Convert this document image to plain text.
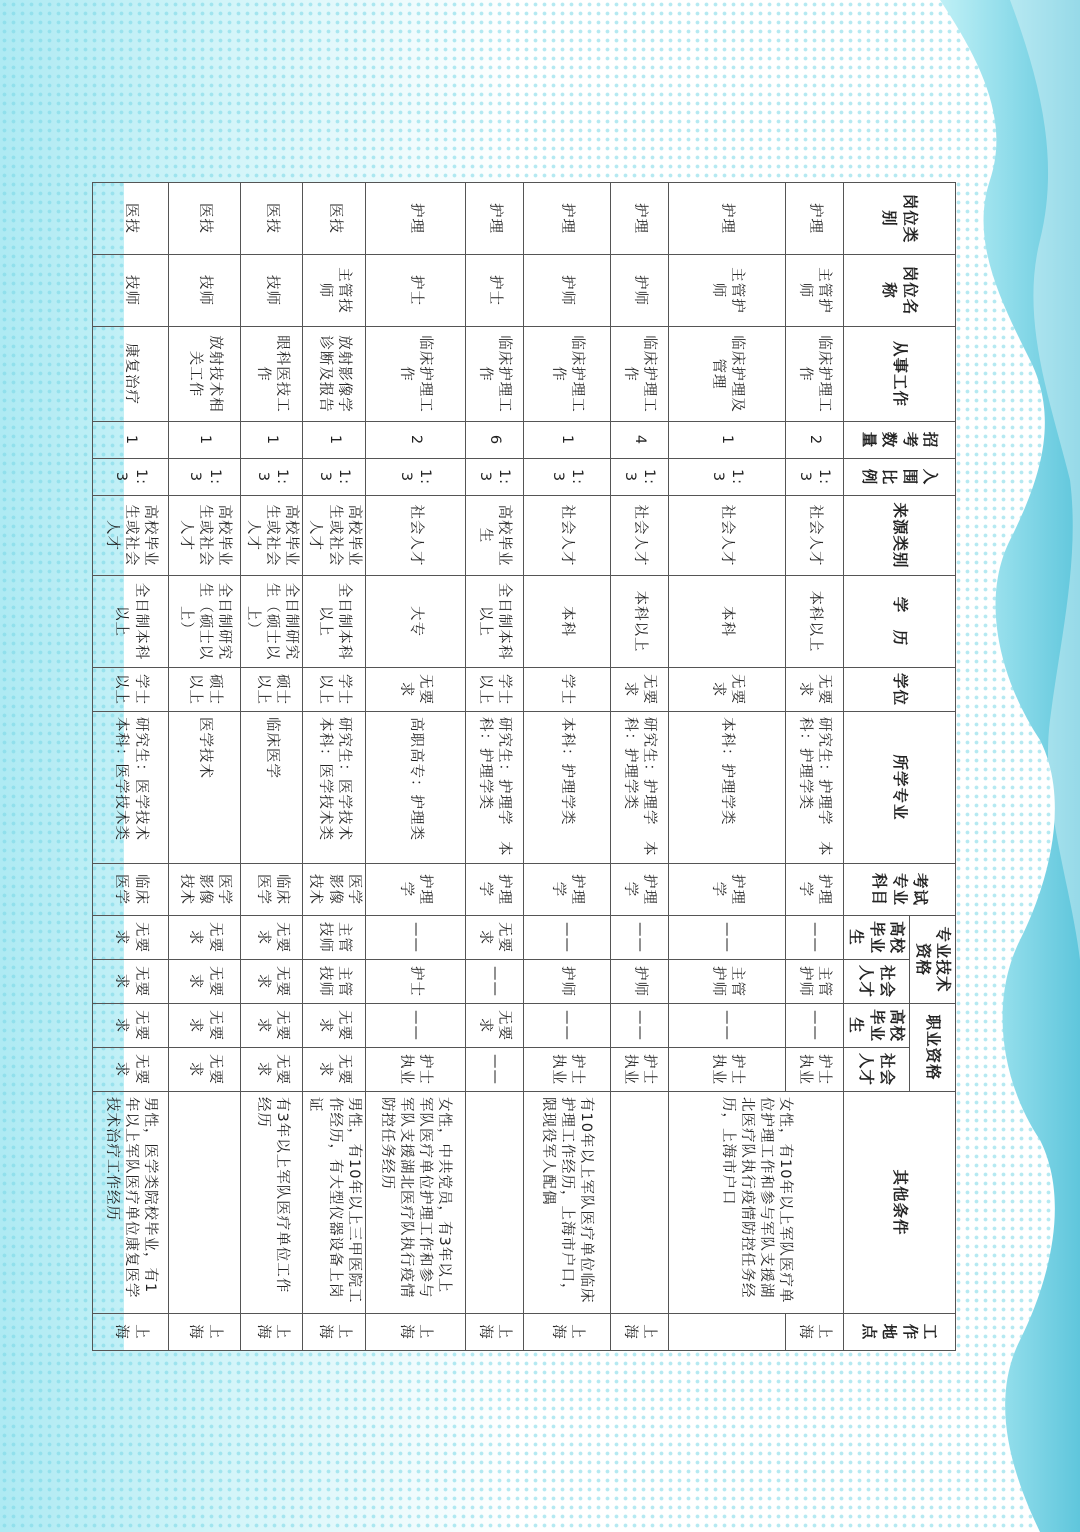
岗位类别	岗位名称	从事工作	招考数量	入围比例	来源类别	学　历	学位	所学专业	考试专业科目	专业技术资格		职业资格		其他条件	工作地点
										高校毕业生	社会人才	高校毕业生	社会人才		
护理	主管护师	临床护理工作	2	1:3	社会人才	本科以上	无要求	研究生：护理学　本科：护理学类	护理学	——	主管护师	——	护士执业	女性，有10年以上军队医疗单位护理工作和参与军队支援湖北医疗队执行疫情防控任务经历，上海市户口	上海
护理	主管护师	临床护理及管理	1	1:3	社会人才	本科	无要求	本科：护理学类	护理学	——	主管护师	——	护士执业		
护理	护师	临床护理工作	4	1:3	社会人才	本科以上	无要求	研究生：护理学　本科：护理学类	护理学	——	护师	——	护士执业		上海
护理	护师	临床护理工作	1	1:3	社会人才	本科	学士	本科：护理学类	护理学	——	护师	——	护士执业	有10年以上军队医疗单位临床护理工作经历，上海市户口，限现役军人配偶	上海
护理	护士	临床护理工作	6	1:3	高校毕业生	全日制本科以上	学士以上	研究生：护理学　本科：护理学类	护理学	无要求	——	无要求	——		上海
护理	护士	临床护理工作	2	1:3	社会人才	大专	无要求	高职高专：护理类	护理学	——	护士	——	护士执业	女性，中共党员，有3年以上军队医疗单位护理工作和参与军队支援湖北医疗队执行疫情防控任务经历	上海
医技	主管技师	放射影像学诊断及报告	1	1:3	高校毕业生或社会人才	全日制本科以上	学士以上	研究生：医学技术　本科：医学技术类	医学影像技术	主管技师	主管技师	无要求	无要求	男性，有10年以上三甲医院工作经历，有大型仪器设备上岗证	上海
医技	技师	眼科医技工作	1	1:3	高校毕业生或社会人才	全日制研究生（硕士以上）	硕士以上	临床医学	临床医学	无要求	无要求	无要求	无要求	有3年以上军队医疗单位工作经历	上海
医技	技师	放射技术相关工作	1	1:3	高校毕业生或社会人才	全日制研究生（硕士以上）	硕士以上	医学技术	医学影像技术	无要求	无要求	无要求	无要求		上海
医技	技师	康复治疗	1	1:3	高校毕业生或社会人才	全日制本科以上	学士以上	研究生：医学技术　本科：医学技术类	临床医学	无要求	无要求	无要求	无要求	男性，医学类院校毕业，有1年以上军队医疗单位康复医学技术治疗工作经历	上海
